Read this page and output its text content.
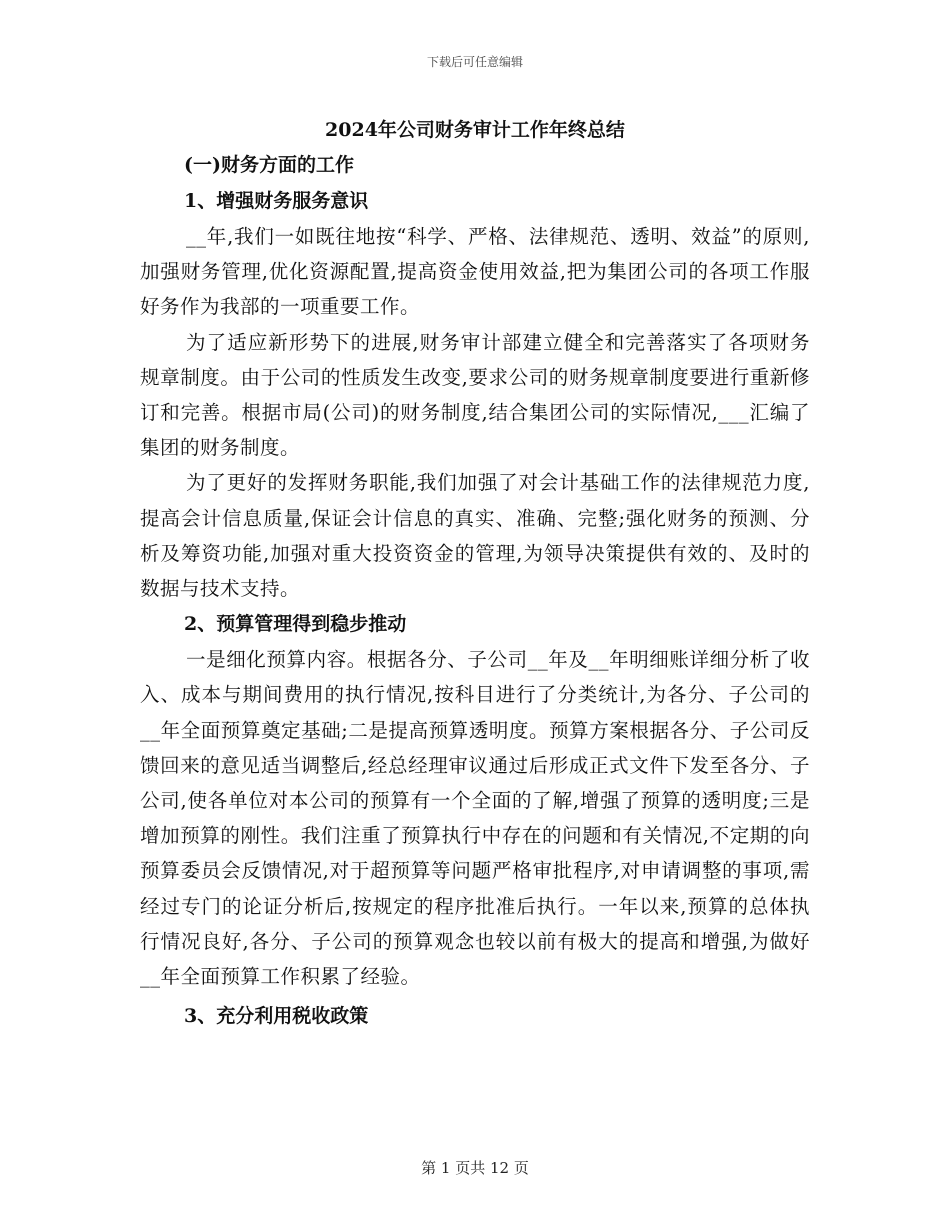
下载后可任意编辑
2024年公司财务审计工作年终总结
(一)财务方面的工作
1、增强财务服务意识

__年,我们一如既往地按“科学、严格、法律规范、透明、效益”的原则,加强财务管理,优化资源配置,提高资金使用效益,把为集团公司的各项工作服好务作为我部的一项重要工作。

为了适应新形势下的进展,财务审计部建立健全和完善落实了各项财务规章制度。由于公司的性质发生改变,要求公司的财务规章制度要进行重新修订和完善。根据市局(公司)的财务制度,结合集团公司的实际情况,___汇编了集团的财务制度。

为了更好的发挥财务职能,我们加强了对会计基础工作的法律规范力度,提高会计信息质量,保证会计信息的真实、准确、完整;强化财务的预测、分析及筹资功能,加强对重大投资资金的管理,为领导决策提供有效的、及时的数据与技术支持。

2、预算管理得到稳步推动

一是细化预算内容。根据各分、子公司__年及__年明细账详细分析了收入、成本与期间费用的执行情况,按科目进行了分类统计,为各分、子公司的__年全面预算奠定基础;二是提高预算透明度。预算方案根据各分、子公司反馈回来的意见适当调整后,经总经理审议通过后形成正式文件下发至各分、子公司,使各单位对本公司的预算有一个全面的了解,增强了预算的透明度;三是增加预算的刚性。我们注重了预算执行中存在的问题和有关情况,不定期的向预算委员会反馈情况,对于超预算等问题严格审批程序,对申请调整的事项,需经过专门的论证分析后,按规定的程序批准后执行。一年以来,预算的总体执行情况良好,各分、子公司的预算观念也较以前有极大的提高和增强,为做好__年全面预算工作积累了经验。

3、充分利用税收政策
第 1 页共 12 页
